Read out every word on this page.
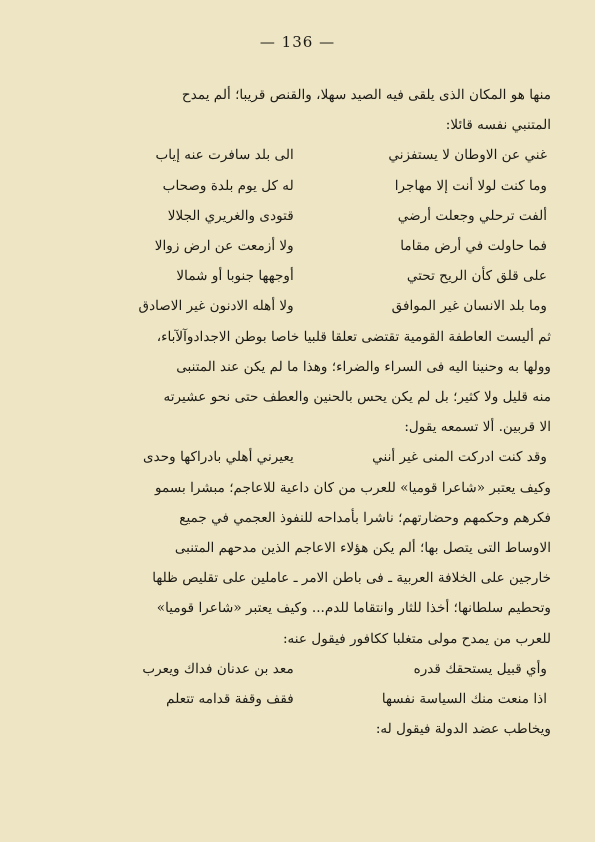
— 136 —
منها هو المكان الذى يلقى فيه الصيد سهلا، والقنص قريبا؛ ألم يمدح
المتنبي نفسه قائلا:
غني عن الاوطان لا يستفزني
الى بلد سافرت عنه إياب
وما كنت لولا أنت إلا مهاجرا
له كل يوم بلدة وصحاب
ألفت ترحلي وجعلت أرضي
قتودى والغريري الجلالا
فما حاولت في أرض مقاما
ولا أزمعت عن ارض زوالا
على قلق كأن الريح تحتي
أوجهها جنوبا أو شمالا
وما بلد الانسان غير الموافق
ولا أهله الادنون غير الاصادق
ثم أليست العاطفة القومية تقتضى تعلقا قلبيا خاصا بوطن الاجدادوآلآباء،
وولها به وحنينا اليه فى السراء والضراء؛ وهذا ما لم يكن عند المتنبى
منه قليل ولا كثير؛ بل لم يكن يحس بالحنين والعطف حتى نحو عشيرته
الا قربين. ألا تسمعه يقول:
وقد كنت ادركت المنى غير أنني
يعيرني أهلي بادراكها وحدى
وكيف يعتبر «شاعرا قوميا» للعرب من كان داعية للاعاجم؛ مبشرا بسمو
فكرهم وحكمهم وحضارتهم؛ ناشرا بأمداحه للنفوذ العجمي في جميع
الاوساط التى يتصل بها؛ ألم يكن هؤلاء الاعاجم الذين مدحهم المتنبى
خارجين على الخلافة العربية ـ فى باطن الامر ـ عاملين على تقليص ظلها
وتحطيم سلطانها؛ أخذا للثار وانتقاما للدم... وكيف يعتبر «شاعرا قوميا»
للعرب من يمدح مولى متغلبا ككافور فيقول عنه:
وأي قبيل يستحقك قدره
معد بن عدنان فداك ويعرب
اذا منعت منك السياسة نفسها
فقف وقفة قدامه تتعلم
ويخاطب عضد الدولة فيقول له:
